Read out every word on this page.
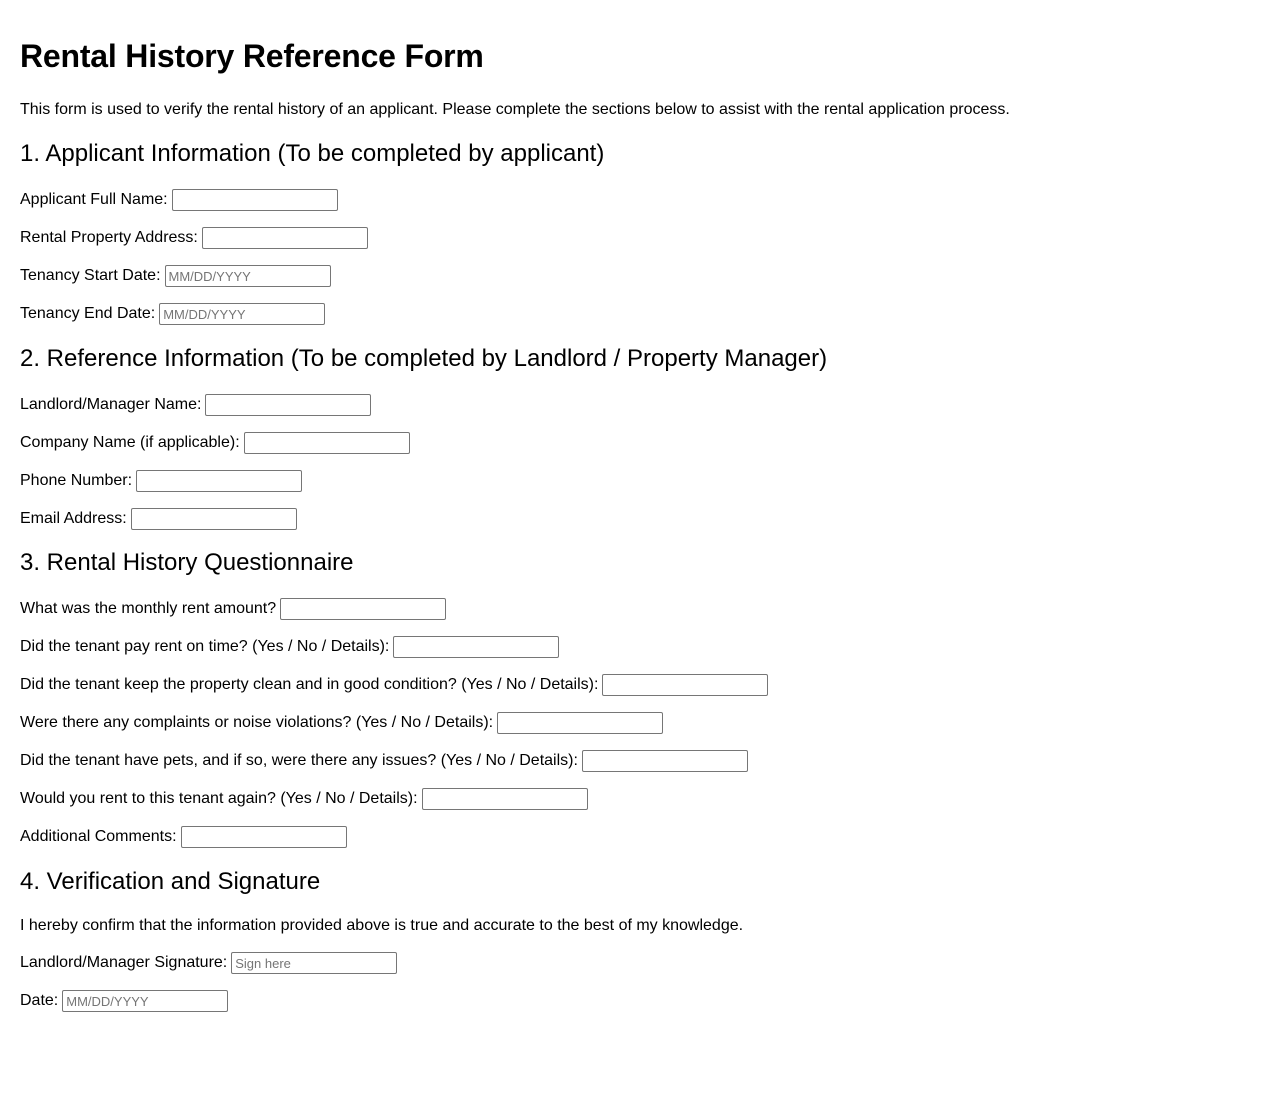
Rental History Reference Form

This form is used to verify the rental history of an applicant. Please complete the sections below to assist with the rental application process.

1. Applicant Information (To be completed by applicant)
Applicant Full Name:
Rental Property Address:
Tenancy Start Date:
MM/DD/YYYY
Tenancy End Date:
MM/DD/YYYY
2. Reference Information (To be completed by Landlord / Property Manager)
Landlord/Manager Name:
Company Name (if applicable):
Phone Number:
Email Address:
3. Rental History Questionnaire
What was the monthly rent amount?
Did the tenant pay rent on time? (Yes / No / Details):
Did the tenant keep the property clean and in good condition? (Yes / No / Details):
Were there any complaints or noise violations? (Yes / No / Details):
Did the tenant have pets, and if so, were there any issues? (Yes / No / Details):
Would you rent to this tenant again? (Yes / No / Details):
Additional Comments:
4. Verification and Signature

I hereby confirm that the information provided above is true and accurate to the best of my knowledge.

Landlord/Manager Signature:
Sign here
Date:
MM/DD/YYYY
